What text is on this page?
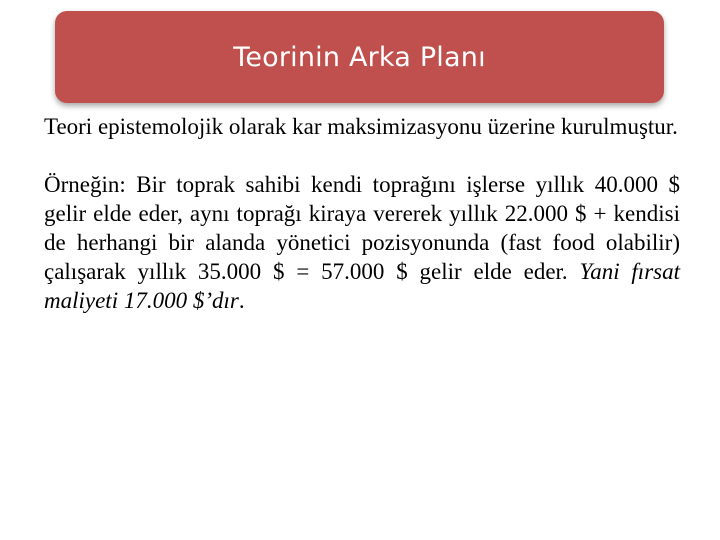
Teorinin Arka Planı

Teori epistemolojik olarak kar maksimizasyonu üzerine kurulmuştur.

Örneğin: Bir toprak sahibi kendi toprağını işlerse yıllık 40.000 $ gelir elde eder, aynı toprağı kiraya vererek yıllık 22.000 $ + kendisi de herhangi bir alanda yönetici pozisyonunda (fast food olabilir) çalışarak yıllık 35.000 $ = 57.000 $ gelir elde eder. Yani fırsat maliyeti 17.000 $’dır.
